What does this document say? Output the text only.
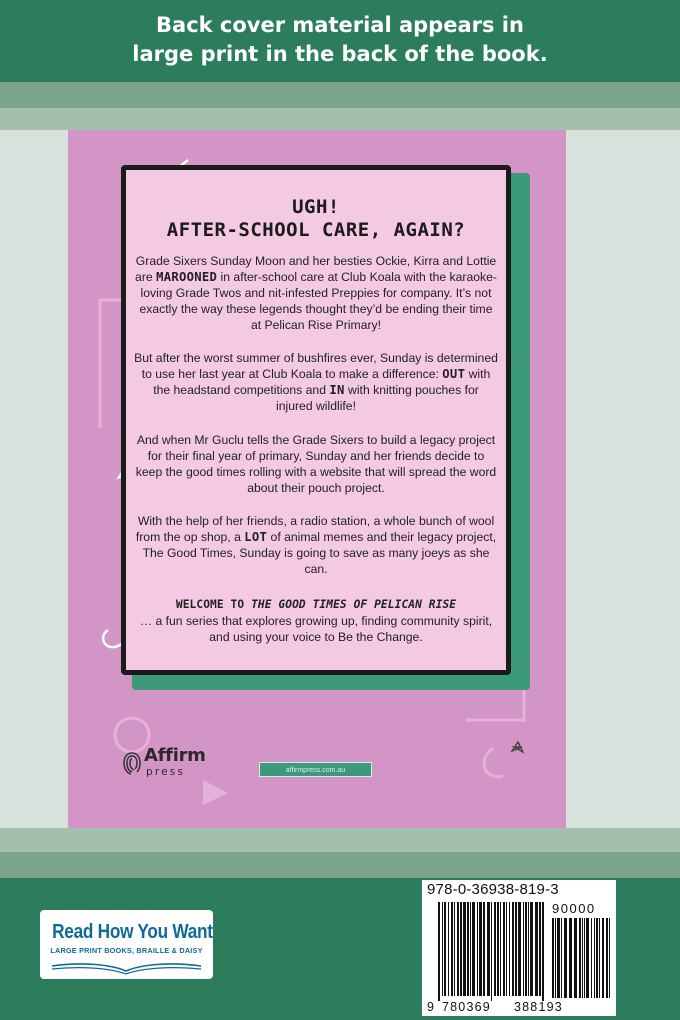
Back cover material appears in
large print in the back of the book.
UGH!
AFTER-SCHOOL CARE, AGAIN?
Grade Sixers Sunday Moon and her besties Ockie, Kirra and Lottie are MAROONED in after-school care at Club Koala with the karaoke-loving Grade Twos and nit-infested Preppies for company. It’s not exactly the way these legends thought they’d be ending their time at Pelican Rise Primary!
But after the worst summer of bushfires ever, Sunday is determined to use her last year at Club Koala to make a difference: OUT with the headstand competitions and IN with knitting pouches for injured wildlife!
And when Mr Guclu tells the Grade Sixers to build a legacy project for their final year of primary, Sunday and her friends decide to keep the good times rolling with a website that will spread the word about their pouch project.
With the help of her friends, a radio station, a whole bunch of wool from the op shop, a LOT of animal memes and their legacy project, The Good Times, Sunday is going to save as many joeys as she can.
WELCOME TO THE GOOD TIMES OF PELICAN RISE
… a fun series that explores growing up, finding community spirit, and using your voice to Be the Change.
Affirm
press	affirmpress.com.au
Read How You Want
LARGE PRINT BOOKS, BRAILLE & DAISY
978-0-36938-819-3
90000
9 780369 388193
